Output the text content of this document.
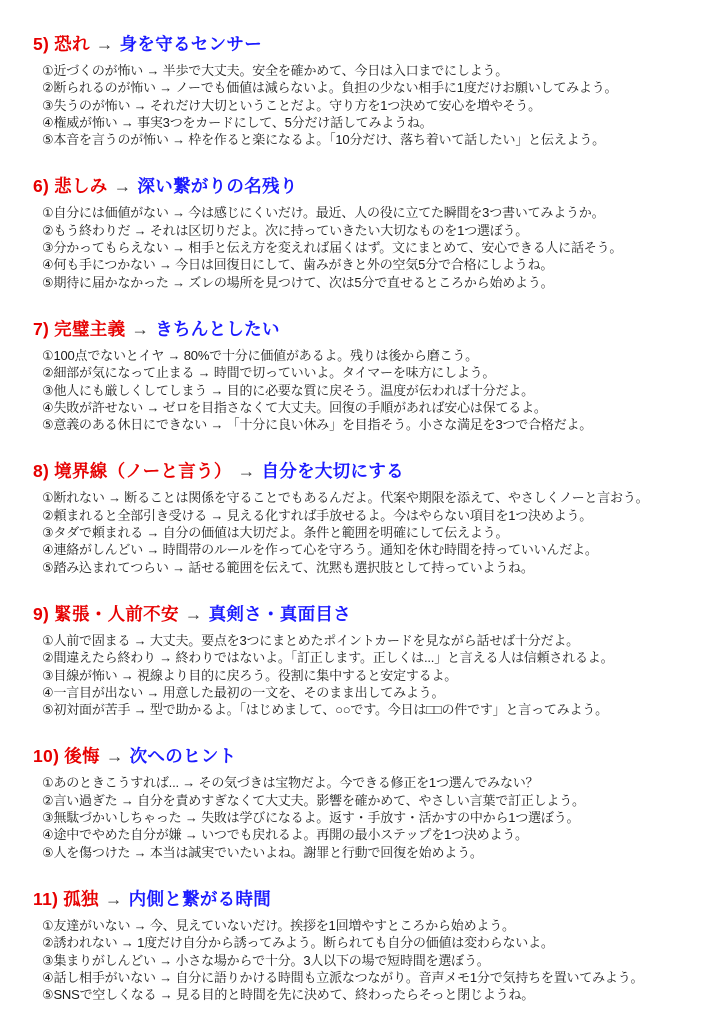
5) 恐れ → 身を守るセンサー
①近づくのが怖い → 半歩で大丈夫。安全を確かめて、今日は入口までにしよう。
②断られるのが怖い → ノーでも価値は減らないよ。負担の少ない相手に1度だけお願いしてみよう。
③失うのが怖い → それだけ大切ということだよ。守り方を1つ決めて安心を増やそう。
④権威が怖い → 事実3つをカードにして、5分だけ話してみようね。
⑤本音を言うのが怖い → 枠を作ると楽になるよ。「10分だけ、落ち着いて話したい」と伝えよう。
6) 悲しみ → 深い繋がりの名残り
①自分には価値がない → 今は感じにくいだけ。最近、人の役に立てた瞬間を3つ書いてみようか。
②もう終わりだ → それは区切りだよ。次に持っていきたい大切なものを1つ選ぼう。
③分かってもらえない → 相手と伝え方を変えれば届くはず。文にまとめて、安心できる人に話そう。
④何も手につかない → 今日は回復日にして、歯みがきと外の空気5分で合格にしようね。
⑤期待に届かなかった → ズレの場所を見つけて、次は5分で直せるところから始めよう。
7) 完璧主義 → きちんとしたい
①100点でないとイヤ → 80%で十分に価値があるよ。残りは後から磨こう。
②細部が気になって止まる → 時間で切っていいよ。タイマーを味方にしよう。
③他人にも厳しくしてしまう → 目的に必要な質に戻そう。温度が伝われば十分だよ。
④失敗が許せない → ゼロを目指さなくて大丈夫。回復の手順があれば安心は保てるよ。
⑤意義のある休日にできない → 「十分に良い休み」を目指そう。小さな満足を3つで合格だよ。
8) 境界線（ノーと言う） → 自分を大切にする
①断れない → 断ることは関係を守ることでもあるんだよ。代案や期限を添えて、やさしくノーと言おう。
②頼まれると全部引き受ける → 見える化すれば手放せるよ。今はやらない項目を1つ決めよう。
③タダで頼まれる → 自分の価値は大切だよ。条件と範囲を明確にして伝えよう。
④連絡がしんどい → 時間帯のルールを作って心を守ろう。通知を休む時間を持っていいんだよ。
⑤踏み込まれてつらい → 話せる範囲を伝えて、沈黙も選択肢として持っていようね。
9) 緊張・人前不安 → 真剣さ・真面目さ
①人前で固まる → 大丈夫。要点を3つにまとめたポイントカードを見ながら話せば十分だよ。
②間違えたら終わり → 終わりではないよ。「訂正します。正しくは...」と言える人は信頼されるよ。
③目線が怖い → 視線より目的に戻ろう。役割に集中すると安定するよ。
④一言目が出ない → 用意した最初の一文を、そのまま出してみよう。
⑤初対面が苦手 → 型で助かるよ。「はじめまして、○○です。今日は□□の件です」と言ってみよう。
10) 後悔 → 次へのヒント
①あのときこうすれば... → その気づきは宝物だよ。今できる修正を1つ選んでみない？
②言い過ぎた → 自分を責めすぎなくて大丈夫。影響を確かめて、やさしい言葉で訂正しよう。
③無駄づかいしちゃった → 失敗は学びになるよ。返す・手放す・活かすの中から1つ選ぼう。
④途中でやめた自分が嫌 → いつでも戻れるよ。再開の最小ステップを1つ決めよう。
⑤人を傷つけた → 本当は誠実でいたいよね。謝罪と行動で回復を始めよう。
11) 孤独 → 内側と繋がる時間
①友達がいない → 今、見えていないだけ。挨拶を1回増やすところから始めよう。
②誘われない → 1度だけ自分から誘ってみよう。断られても自分の価値は変わらないよ。
③集まりがしんどい → 小さな場からで十分。3人以下の場で短時間を選ぼう。
④話し相手がいない → 自分に語りかける時間も立派なつながり。音声メモ1分で気持ちを置いてみよう。
⑤SNSで空しくなる → 見る目的と時間を先に決めて、終わったらそっと閉じようね。
